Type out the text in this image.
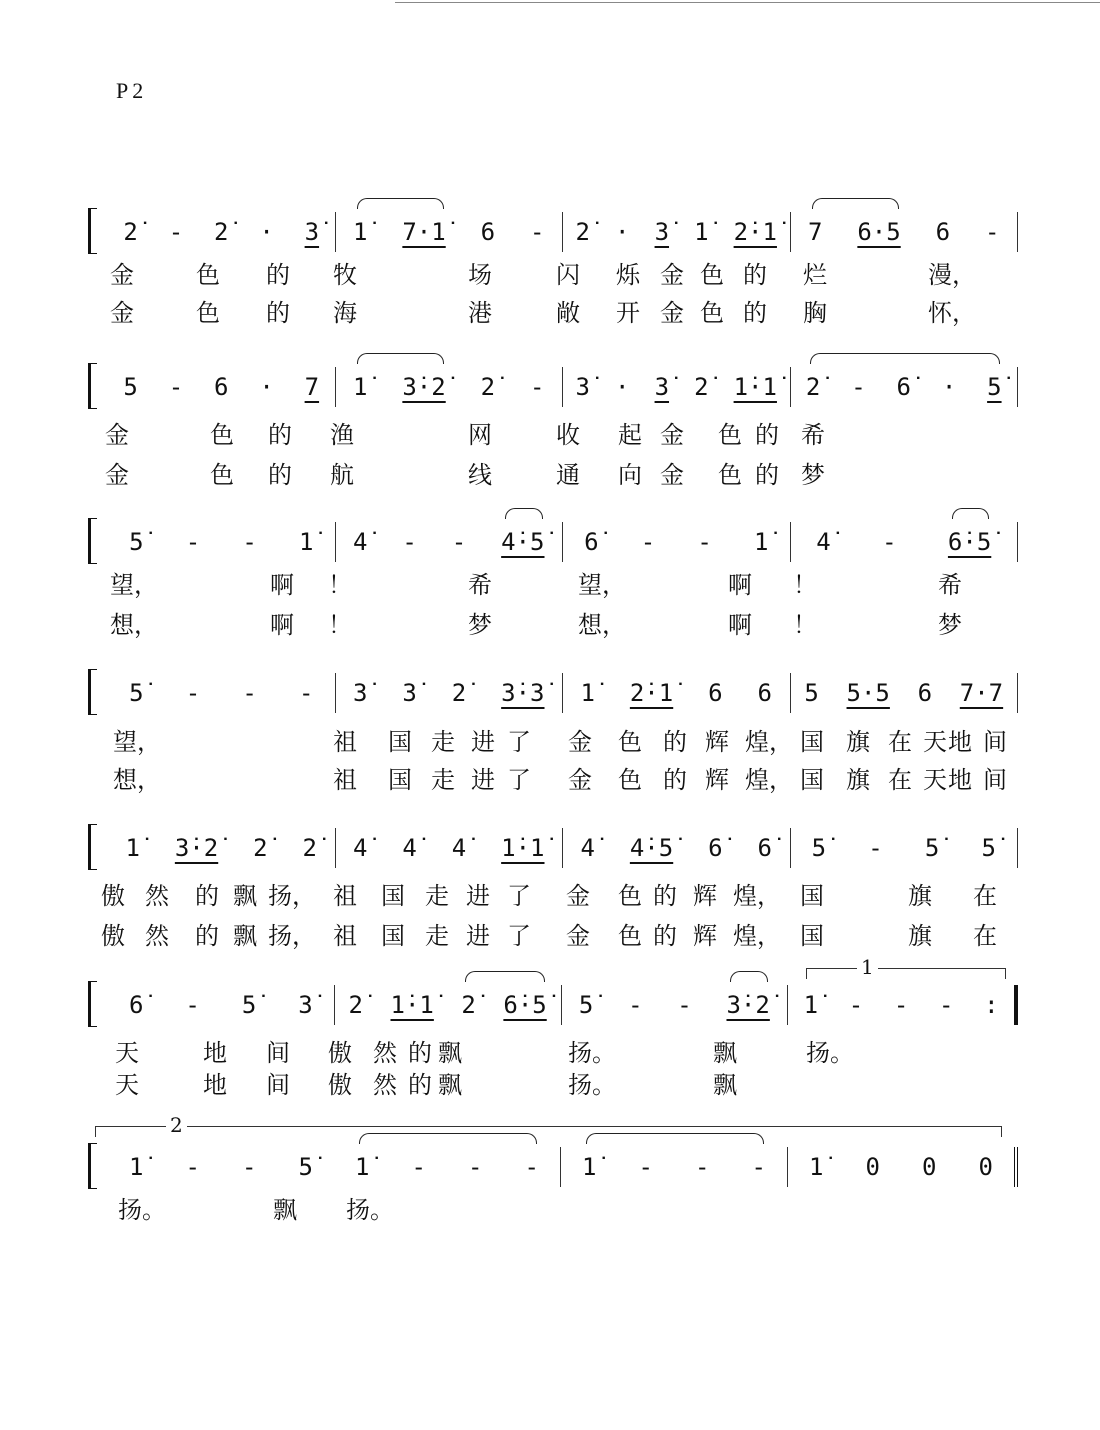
P2
2̇ - 2̇ · 3̇ 1̇ 7·1̇ 6 - 2̇ · 3̇ 1̇ 2̇·1̇ 7 6·5 6 -
金	色 的 牧	场	闪 烁 金 色 的 烂	漫，
金	色 的 海	港	敞 开 金 色 的 胸	怀，
5 - 6 · 7 1̇ 3̇·2̇ 2̇ - 3̇ · 3̇ 2̇ 1̇·1̇ 2̇ - 6̇ · 5̇
金	色 的 渔	网	收 起 金 色 的 希
金	色 的 航	线	通 向 金 色 的 梦
5̇ - - 1̇ 4̇ - - 4̇·5̇ 6̇ - - 1̇ 4̇ - 6̇·5̇
望，	啊 ！	希	望，	啊 ！	希
想，	啊 ！	梦	想，	啊 ！	梦
5̇ - - - 3̇ 3̇ 2̇ 3̇·3̇ 1̇ 2̇·1̇ 6 6 5 5·5 6 7·7
望，	祖 国 走 进 了 金 色 的 辉 煌， 国 旗 在 天 地 间
想，	祖 国 走 进 了 金 色 的 辉 煌， 国 旗 在 天 地 间
1̇ 3̇·2̇ 2̇ 2̇ 4̇ 4̇ 4̇ 1̇·1̇ 4̇ 4̇·5̇ 6̇ 6̇ 5̇ - 5̇ 5̇
傲 然 的 飘 扬， 祖 国 走 进 了 金 色 的 辉 煌， 国	旗 在
傲 然 的 飘 扬， 祖 国 走 进 了 金 色 的 辉 煌， 国	旗 在
6̇ - 5̇ 3̇ 2̇ 1̇·1̇ 2̇ 6̇·5̇ 5̇ - - 3̇·2̇ 1̇ - - - :
天	地 间 傲 然 的 飘	扬。	飘	扬。
天	地 间 傲 然 的 飘	扬。	飘
1̇ - - 5̇ 1̇ - - - 1̇ - - - 1̇ 0 0 0
扬。	飘 扬。
1
2
